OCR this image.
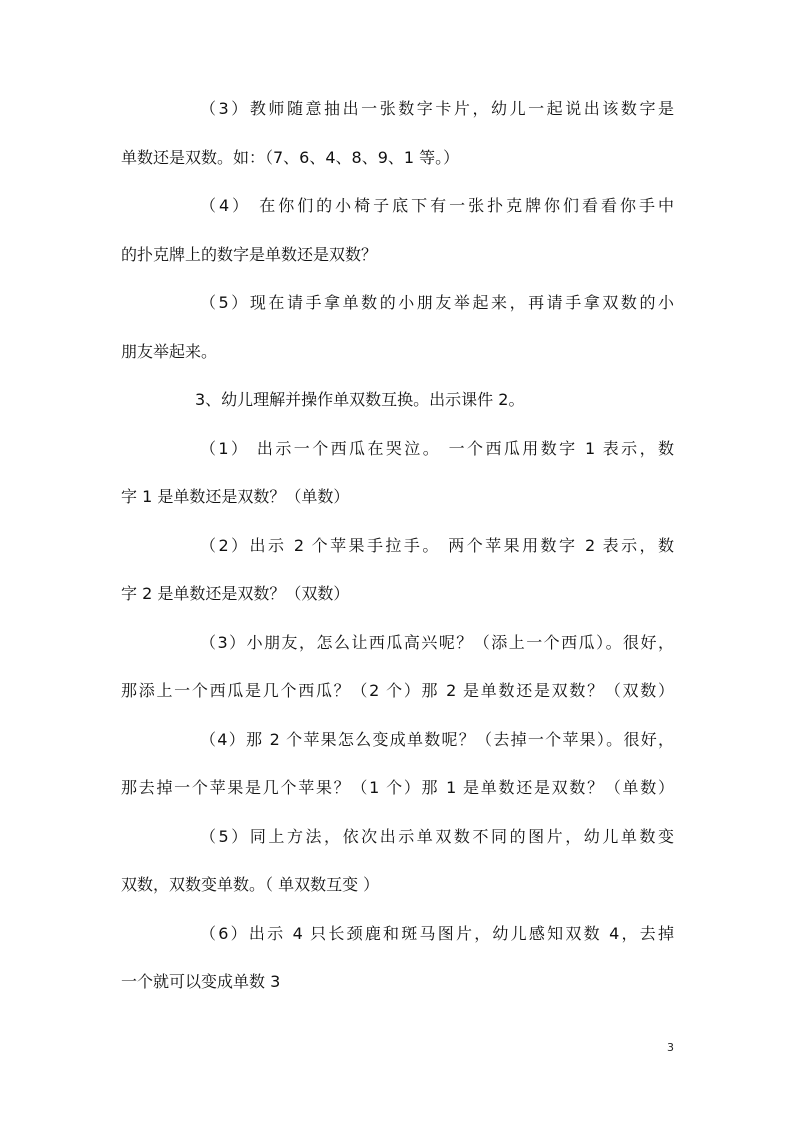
（3）教师随意抽出一张数字卡片，幼儿一起说出该数字是
单数还是双数。如：（7、6、4、8、9、1 等。）
（4） 在你们的小椅子底下有一张扑克牌你们看看你手中
的扑克牌上的数字是单数还是双数？
（5）现在请手拿单数的小朋友举起来，再请手拿双数的小
朋友举起来。
3、幼儿理解并操作单双数互换。出示课件 2。
（1） 出示一个西瓜在哭泣。 一个西瓜用数字 1 表示，数
字 1 是单数还是双数？（单数）
（2）出示 2 个苹果手拉手。 两个苹果用数字 2 表示，数
字 2 是单数还是双数？（双数）
（3）小朋友，怎么让西瓜高兴呢？（添上一个西瓜）。很好，
那添上一个西瓜是几个西瓜？（2 个）那 2 是单数还是双数？（双数）
（4）那 2 个苹果怎么变成单数呢？（去掉一个苹果）。很好，
那去掉一个苹果是几个苹果？（1 个）那 1 是单数还是双数？（单数）
（5）同上方法，依次出示单双数不同的图片，幼儿单数变
双数，双数变单数。（ 单双数互变 ）
（6）出示 4 只长颈鹿和斑马图片，幼儿感知双数 4，去掉
一个就可以变成单数 3
3
